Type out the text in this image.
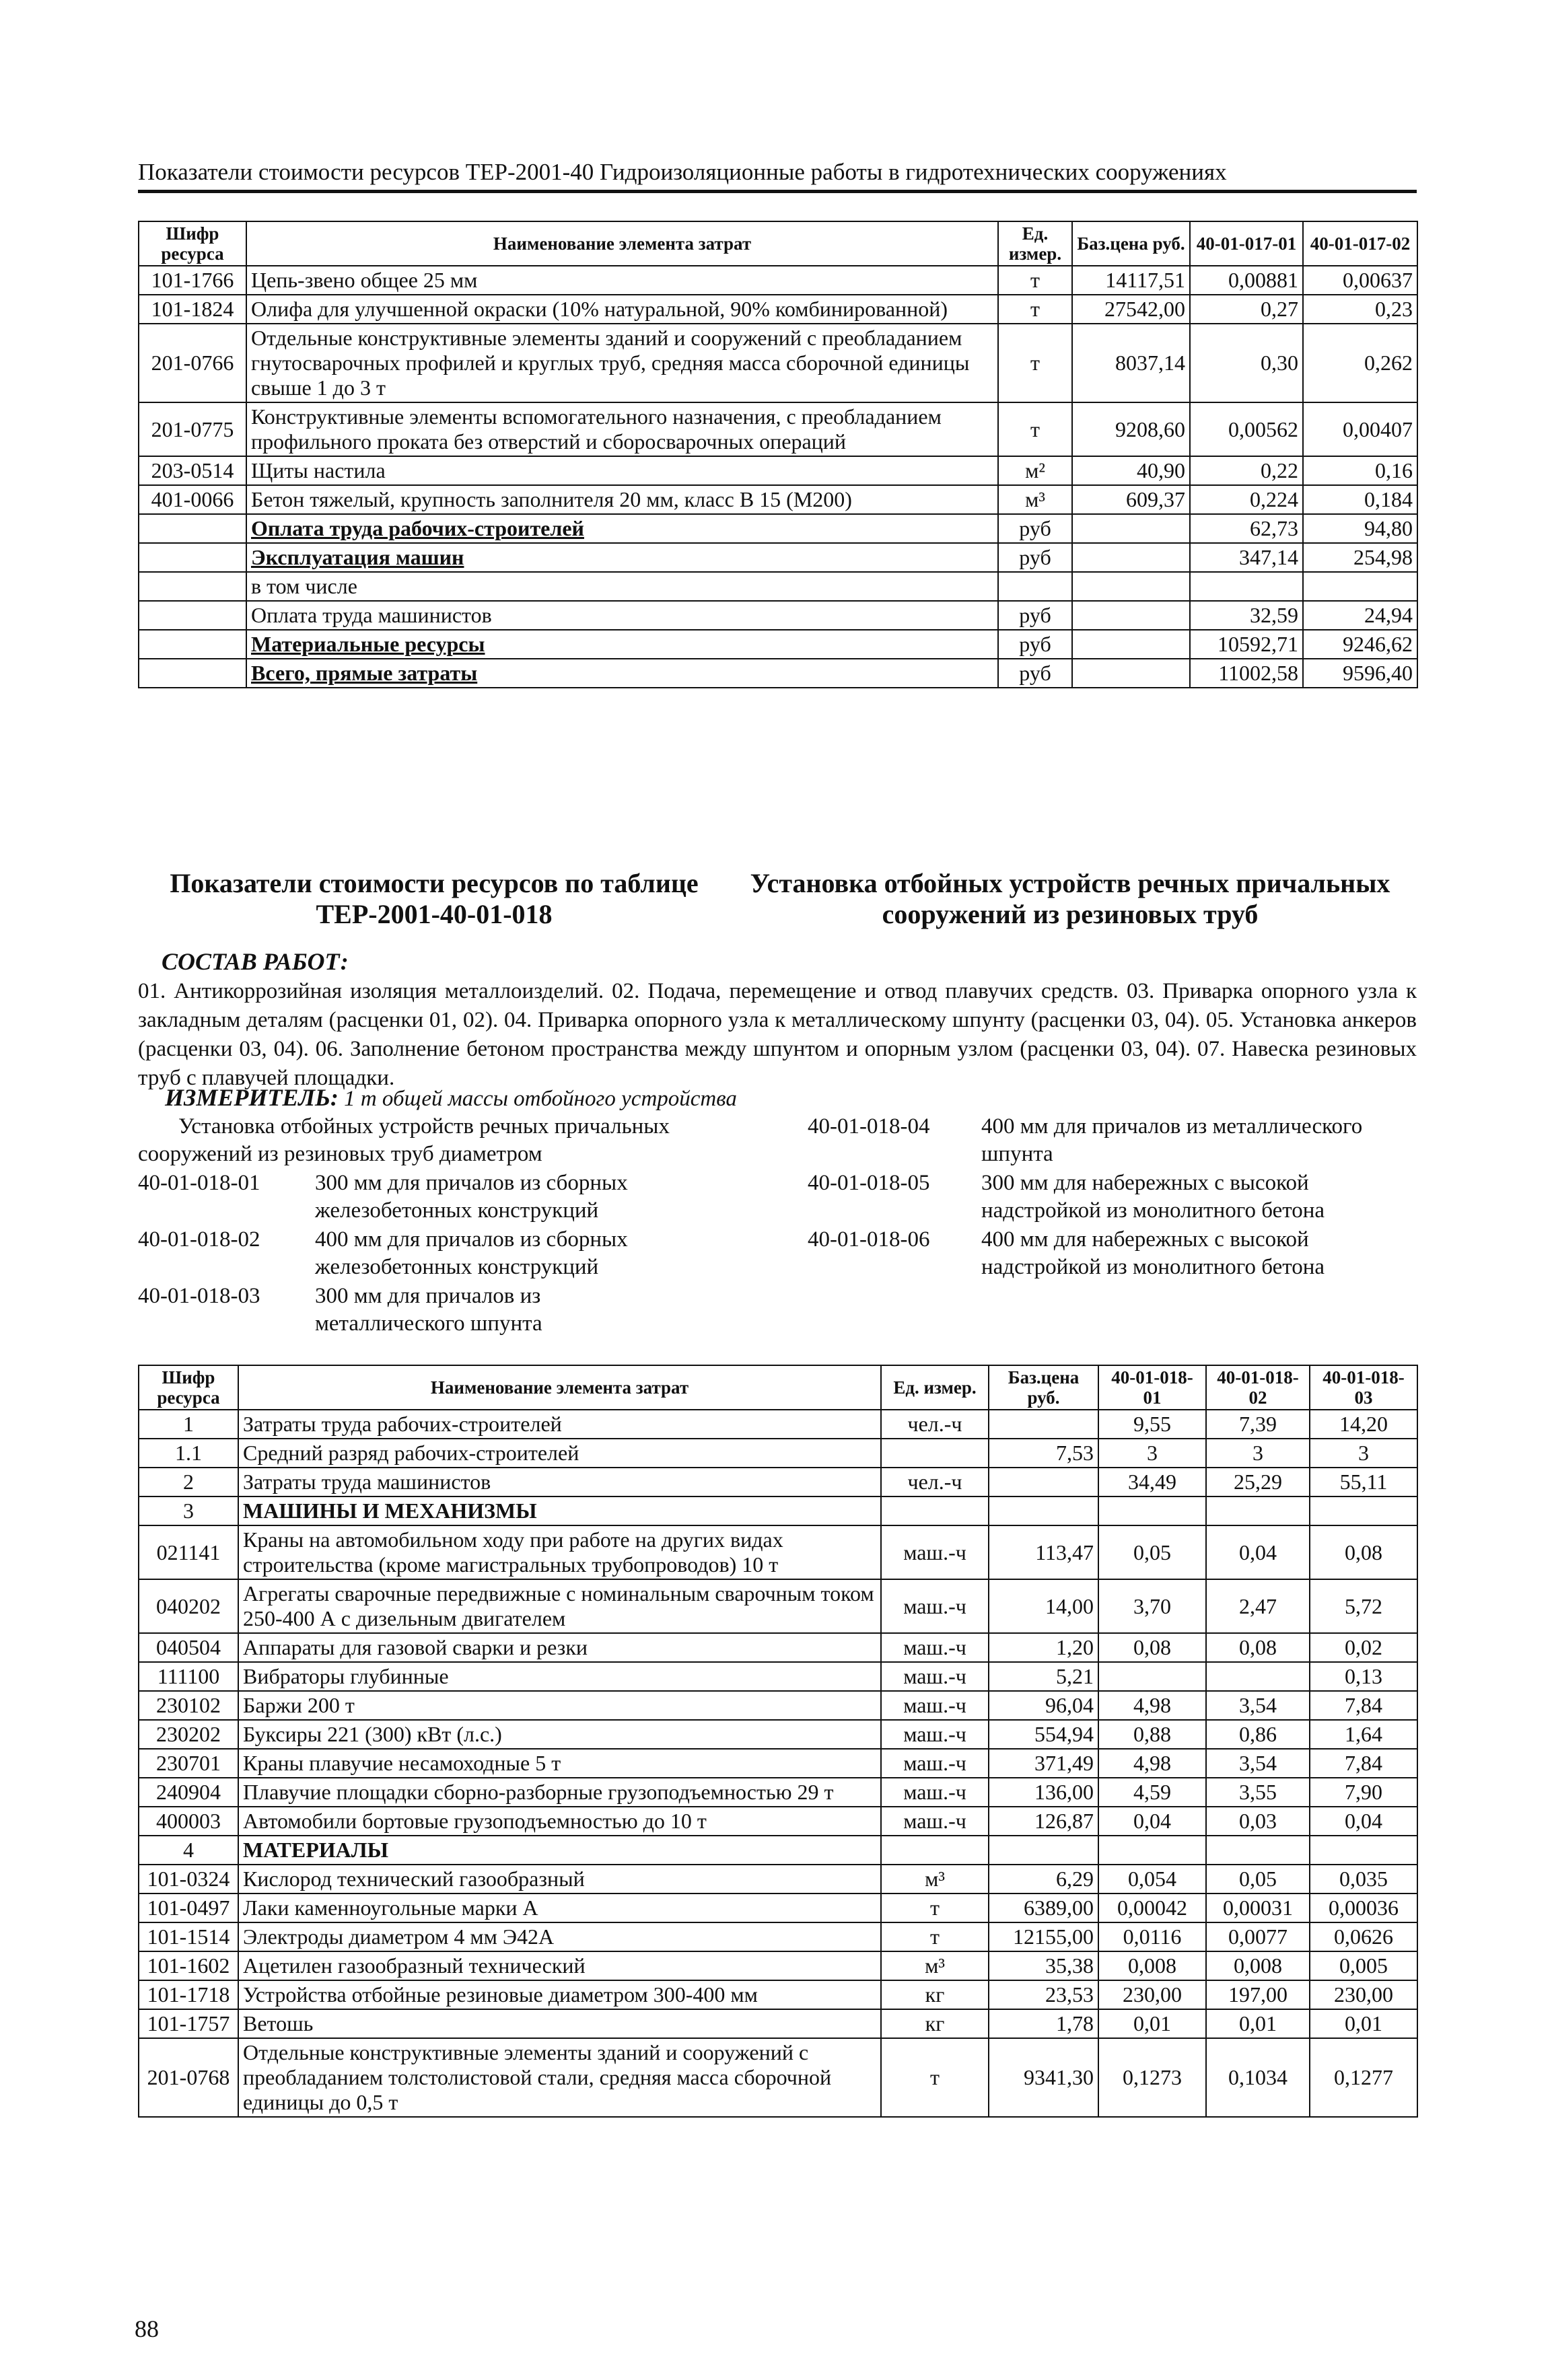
Показатели стоимости ресурсов ТЕР-2001-40 Гидроизоляционные работы в гидротехнических сооружениях
Шифр ресурса	Наименование элемента затрат	Ед. измер.	Баз.цена руб.	40-01-017-01	40-01-017-02
101-1766	Цепь-звено общее 25 мм	т	14117,51	0,00881	0,00637
101-1824	Олифа для улучшенной окраски (10% натуральной, 90% комбинированной)	т	27542,00	0,27	0,23
201-0766	Отдельные конструктивные элементы зданий и сооружений с преобладанием гнутосварочных профилей и круглых труб, средняя масса сборочной единицы свыше 1 до 3 т	т	8037,14	0,30	0,262
201-0775	Конструктивные элементы вспомогательного назначения, с преобладанием профильного проката без отверстий и сборосварочных операций	т	9208,60	0,00562	0,00407
203-0514	Щиты настила	м²	40,90	0,22	0,16
401-0066	Бетон тяжелый, крупность заполнителя 20 мм, класс В 15 (М200)	м³	609,37	0,224	0,184
	Оплата труда рабочих-строителей	руб		62,73	94,80
	Эксплуатация машин	руб		347,14	254,98
	в том числе				
	Оплата труда машинистов	руб		32,59	24,94
	Материальные ресурсы	руб		10592,71	9246,62
	Всего, прямые затраты	руб		11002,58	9596,40
Показатели стоимости ресурсов по таблице ТЕР-2001-40-01-018
Установка отбойных устройств речных причальных сооружений из резиновых труб
СОСТАВ РАБОТ:
01. Антикоррозийная изоляция металлоизделий. 02. Подача, перемещение и отвод плавучих средств. 03. Приварка опорного узла к закладным деталям (расценки 01, 02). 04. Приварка опорного узла к металлическому шпунту (расценки 03, 04). 05. Установка анкеров (расценки 03, 04). 06. Заполнение бетоном пространства между шпунтом и опорным узлом (расценки 03, 04). 07. Навеска резиновых труб с плавучей площадки.
ИЗМЕРИТЕЛЬ: 1 т общей массы отбойного устройства
Установка отбойных устройств речных причальных сооружений из резиновых труб диаметром
40-01-018-01 300 мм для причалов из сборных железобетонных конструкций
40-01-018-02 400 мм для причалов из сборных железобетонных конструкций
40-01-018-03 300 мм для причалов из металлического шпунта
40-01-018-04 400 мм для причалов из металлического шпунта
40-01-018-05 300 мм для набережных с высокой надстройкой из монолитного бетона
40-01-018-06 400 мм для набережных с высокой надстройкой из монолитного бетона
Шифр ресурса	Наименование элемента затрат	Ед. измер.	Баз.цена руб.	40-01-018-01	40-01-018-02	40-01-018-03
1	Затраты труда рабочих-строителей	чел.-ч		9,55	7,39	14,20
1.1	Средний разряд рабочих-строителей		7,53	3	3	3
2	Затраты труда машинистов	чел.-ч		34,49	25,29	55,11
3	МАШИНЫ И МЕХАНИЗМЫ					
021141	Краны на автомобильном ходу при работе на других видах строительства (кроме магистральных трубопроводов) 10 т	маш.-ч	113,47	0,05	0,04	0,08
040202	Агрегаты сварочные передвижные с номинальным сварочным током 250-400 А с дизельным двигателем	маш.-ч	14,00	3,70	2,47	5,72
040504	Аппараты для газовой сварки и резки	маш.-ч	1,20	0,08	0,08	0,02
111100	Вибраторы глубинные	маш.-ч	5,21			0,13
230102	Баржи 200 т	маш.-ч	96,04	4,98	3,54	7,84
230202	Буксиры 221 (300) кВт (л.с.)	маш.-ч	554,94	0,88	0,86	1,64
230701	Краны плавучие несамоходные 5 т	маш.-ч	371,49	4,98	3,54	7,84
240904	Плавучие площадки сборно-разборные грузоподъемностью 29 т	маш.-ч	136,00	4,59	3,55	7,90
400003	Автомобили бортовые грузоподъемностью до 10 т	маш.-ч	126,87	0,04	0,03	0,04
4	МАТЕРИАЛЫ					
101-0324	Кислород технический газообразный	м³	6,29	0,054	0,05	0,035
101-0497	Лаки каменноугольные марки А	т	6389,00	0,00042	0,00031	0,00036
101-1514	Электроды диаметром 4 мм Э42А	т	12155,00	0,0116	0,0077	0,0626
101-1602	Ацетилен газообразный технический	м³	35,38	0,008	0,008	0,005
101-1718	Устройства отбойные резиновые диаметром 300-400 мм	кг	23,53	230,00	197,00	230,00
101-1757	Ветошь	кг	1,78	0,01	0,01	0,01
201-0768	Отдельные конструктивные элементы зданий и сооружений с преобладанием толстолистовой стали, средняя масса сборочной единицы до 0,5 т	т	9341,30	0,1273	0,1034	0,1277
88
